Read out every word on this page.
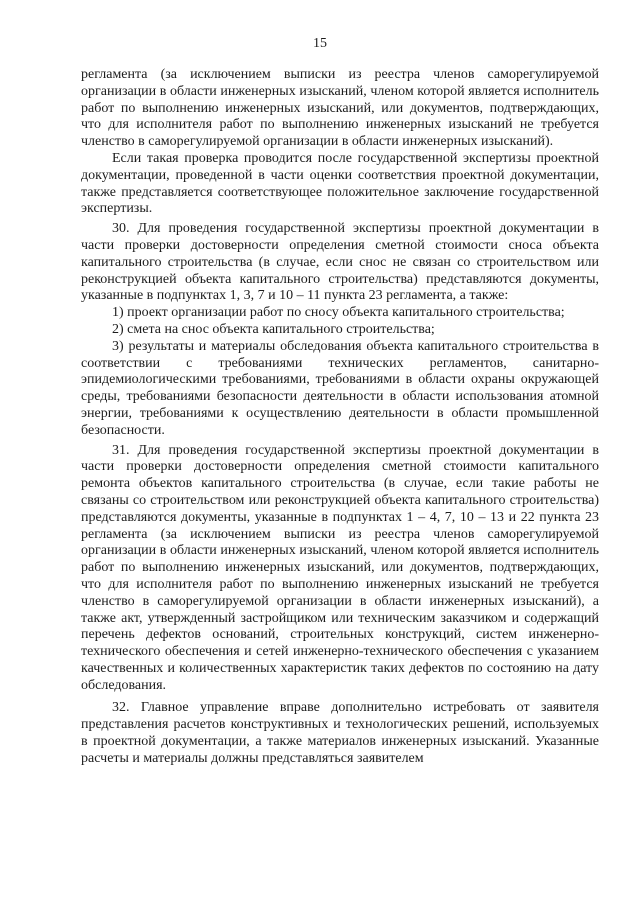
15

регламента (за исключением выписки из реестра членов саморегулируемой организации в области инженерных изысканий, членом которой является исполнитель работ по выполнению инженерных изысканий, или документов, подтверждающих, что для исполнителя работ по выполнению инженерных изысканий не требуется членство в саморегулируемой организации в области инженерных изысканий).

Если такая проверка проводится после государственной экспертизы проектной документации, проведенной в части оценки соответствия проектной документации, также представляется соответствующее положительное заключение государственной экспертизы.

30. Для проведения государственной экспертизы проектной документации в части проверки достоверности определения сметной стоимости сноса объекта капитального строительства (в случае, если снос не связан со строительством или реконструкцией объекта капитального строительства) представляются документы, указанные в подпунктах 1, 3, 7 и 10 – 11 пункта 23 регламента, а также:

1) проект организации работ по сносу объекта капитального строительства;

2) смета на снос объекта капитального строительства;

3) результаты и материалы обследования объекта капитального строительства в соответствии с требованиями технических регламентов, санитарно-эпидемиологическими требованиями, требованиями в области охраны окружающей среды, требованиями безопасности деятельности в области использования атомной энергии, требованиями к осуществлению деятельности в области промышленной безопасности.

31. Для проведения государственной экспертизы проектной документации в части проверки достоверности определения сметной стоимости капитального ремонта объектов капитального строительства (в случае, если такие работы не связаны со строительством или реконструкцией объекта капитального строительства) представляются документы, указанные в подпунктах 1 – 4, 7, 10 – 13 и 22 пункта 23 регламента (за исключением выписки из реестра членов саморегулируемой организации в области инженерных изысканий, членом которой является исполнитель работ по выполнению инженерных изысканий, или документов, подтверждающих, что для исполнителя работ по выполнению инженерных изысканий не требуется членство в саморегулируемой организации в области инженерных изысканий), а также акт, утвержденный застройщиком или техническим заказчиком и содержащий перечень дефектов оснований, строительных конструкций, систем инженерно-технического обеспечения и сетей инженерно-технического обеспечения с указанием качественных и количественных характеристик таких дефектов по состоянию на дату обследования.

32. Главное управление вправе дополнительно истребовать от заявителя представления расчетов конструктивных и технологических решений, используемых в проектной документации, а также материалов инженерных изысканий. Указанные расчеты и материалы должны представляться заявителем
